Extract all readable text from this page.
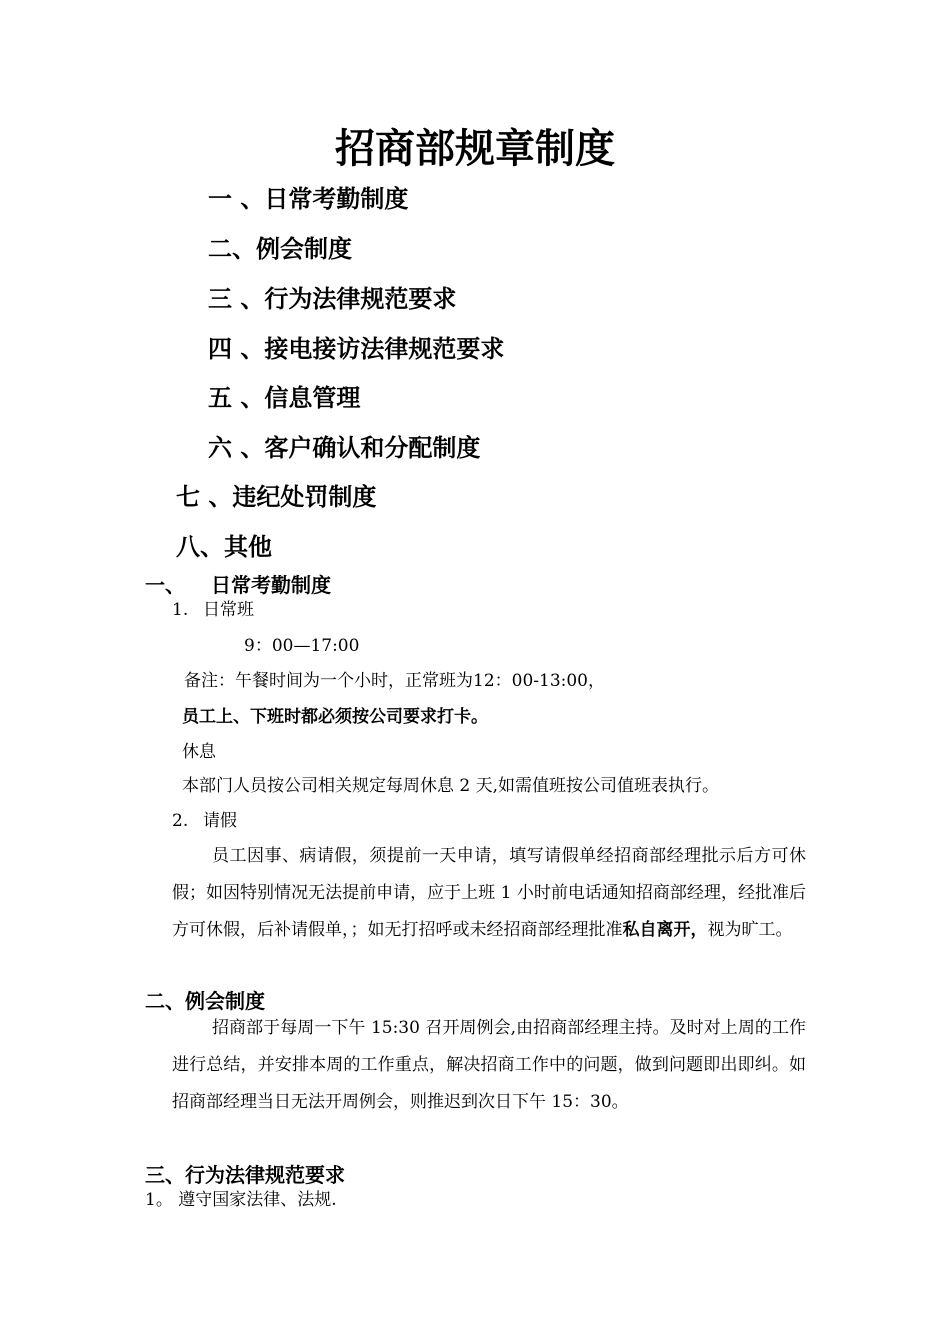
招商部规章制度
一 、日常考勤制度
二、例会制度
三 、行为法律规范要求
四 、接电接访法律规范要求
五 、信息管理
六 、客户确认和分配制度
七 、违纪处罚制度
八、其他
一、 日常考勤制度
1. 日常班
9：00—17:00
备注：午餐时间为一个小时，正常班为12：00-13:00，
员工上、下班时都必须按公司要求打卡。
休息
本部门人员按公司相关规定每周休息 2 天,如需值班按公司值班表执行。
2. 请假
员工因事、病请假，须提前一天申请，填写请假单经招商部经理批示后方可休假；如因特别情况无法提前申请，应于上班 1 小时前电话通知招商部经理，经批准后方可休假，后补请假单，；如无打招呼或未经招商部经理批准私自离开，视为旷工。
二、例会制度
招商部于每周一下午 15:30 召开周例会,由招商部经理主持。及时对上周的工作进行总结，并安排本周的工作重点，解决招商工作中的问题，做到问题即出即纠。如招商部经理当日无法开周例会，则推迟到次日下午 15：30。
三、行为法律规范要求
1。 遵守国家法律、法规.
